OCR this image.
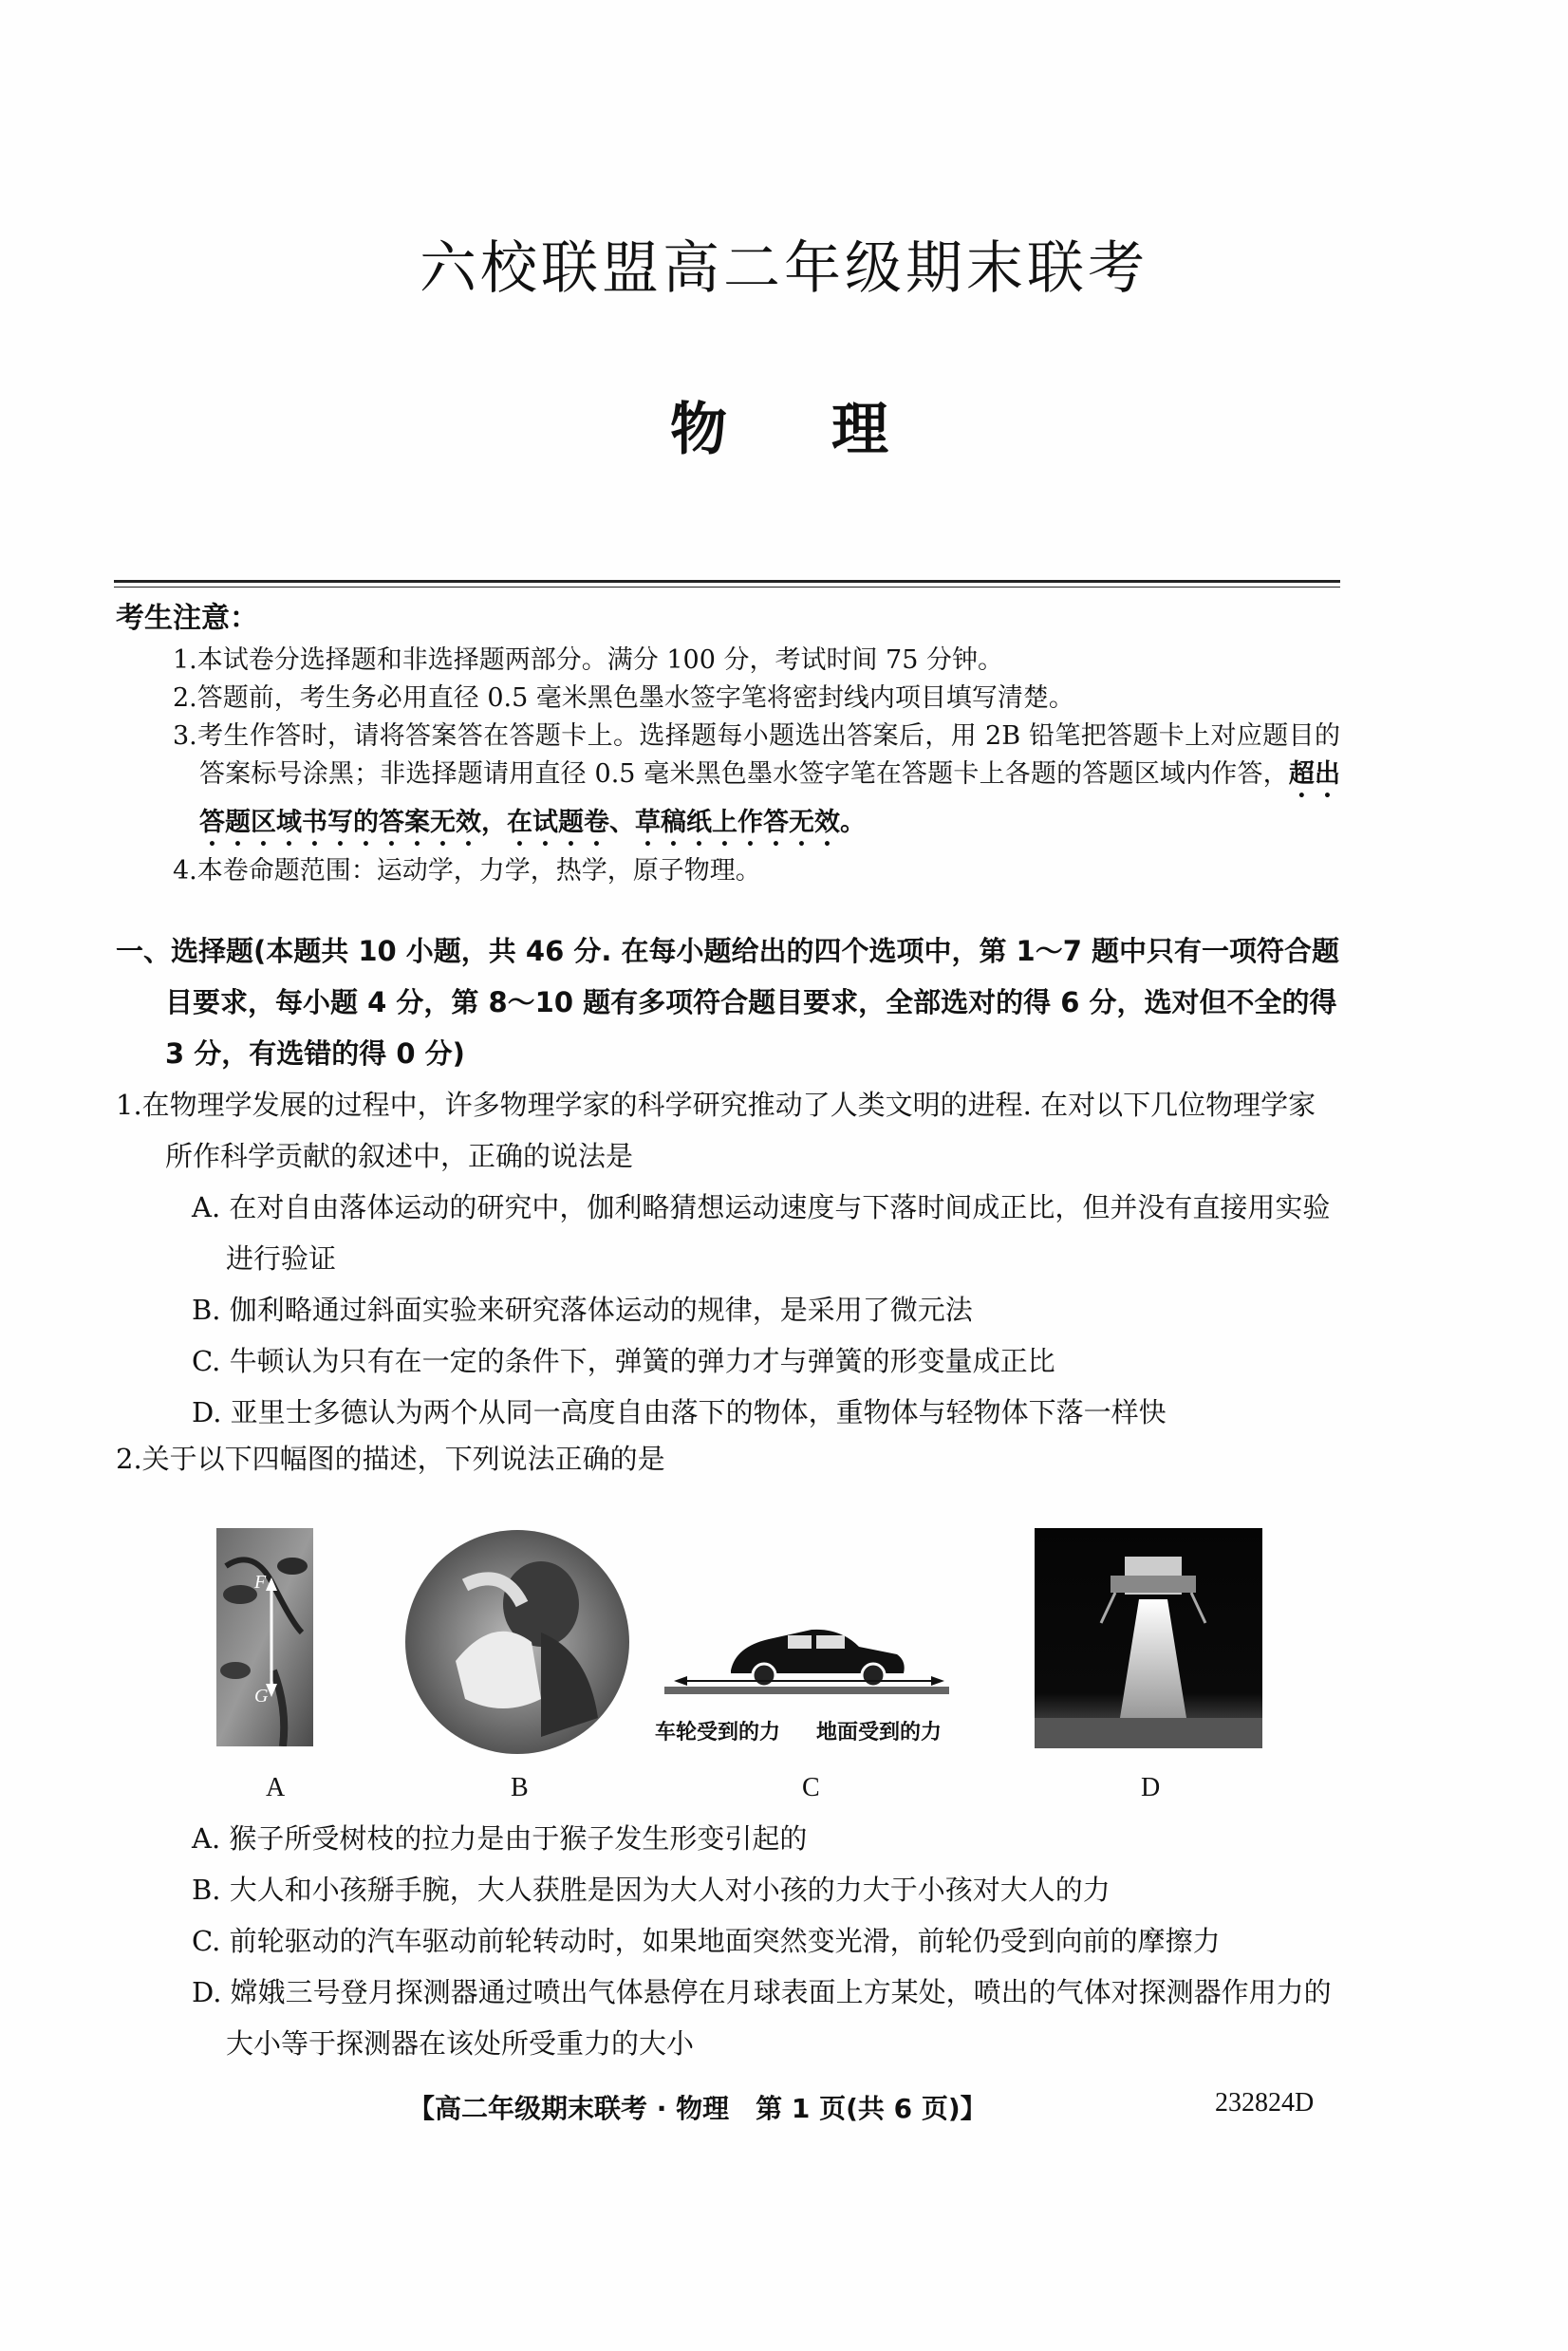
六校联盟高二年级期末联考
物理
考生注意：
1.本试卷分选择题和非选择题两部分。满分 100 分，考试时间 75 分钟。
2.答题前，考生务必用直径 0.5 毫米黑色墨水签字笔将密封线内项目填写清楚。
3.考生作答时，请将答案答在答题卡上。选择题每小题选出答案后，用 2B 铅笔把答题卡上对应题目的答案标号涂黑；非选择题请用直径 0.5 毫米黑色墨水签字笔在答题卡上各题的答题区域内作答，超出答题区域书写的答案无效，在试题卷、草稿纸上作答无效。
4.本卷命题范围：运动学，力学，热学，原子物理。
一、选择题(本题共 10 小题，共 46 分. 在每小题给出的四个选项中，第 1～7 题中只有一项符合题目要求，每小题 4 分，第 8～10 题有多项符合题目要求，全部选对的得 6 分，选对但不全的得 3 分，有选错的得 0 分)
1.在物理学发展的过程中，许多物理学家的科学研究推动了人类文明的进程. 在对以下几位物理学家所作科学贡献的叙述中，正确的说法是
A. 在对自由落体运动的研究中，伽利略猜想运动速度与下落时间成正比，但并没有直接用实验进行验证
B. 伽利略通过斜面实验来研究落体运动的规律，是采用了微元法
C. 牛顿认为只有在一定的条件下，弹簧的弹力才与弹簧的形变量成正比
D. 亚里士多德认为两个从同一高度自由落下的物体，重物体与轻物体下落一样快
2.关于以下四幅图的描述，下列说法正确的是
F
G
车轮受到的力 地面受到的力
A	B	C	D
A. 猴子所受树枝的拉力是由于猴子发生形变引起的
B. 大人和小孩掰手腕，大人获胜是因为大人对小孩的力大于小孩对大人的力
C. 前轮驱动的汽车驱动前轮转动时，如果地面突然变光滑，前轮仍受到向前的摩擦力
D. 嫦娥三号登月探测器通过喷出气体悬停在月球表面上方某处，喷出的气体对探测器作用力的大小等于探测器在该处所受重力的大小
【高二年级期末联考 · 物理　第 1 页(共 6 页)】	232824D
